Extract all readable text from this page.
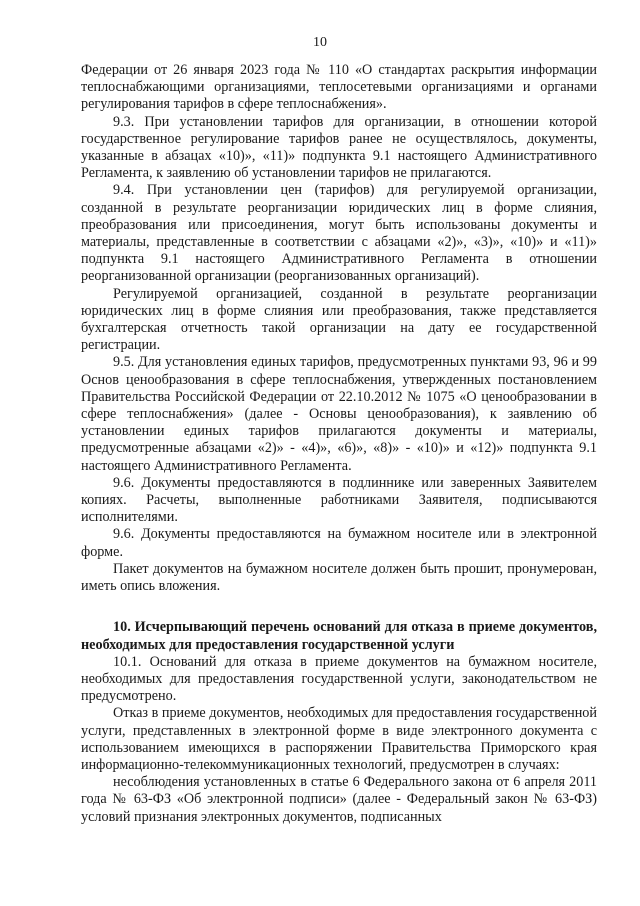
10

Федерации от 26 января 2023 года № 110 «О стандартах раскрытия информации теплоснабжающими организациями, теплосетевыми организациями и органами регулирования тарифов в сфере теплоснабжения».

9.3. При установлении тарифов для организации, в отношении которой государственное регулирование тарифов ранее не осуществлялось, документы, указанные в абзацах «10)», «11)» подпункта 9.1 настоящего Административного Регламента, к заявлению об установлении тарифов не прилагаются.

9.4. При установлении цен (тарифов) для регулируемой организации, созданной в результате реорганизации юридических лиц в форме слияния, преобразования или присоединения, могут быть использованы документы и материалы, представленные в соответствии с абзацами «2)», «3)», «10)» и «11)» подпункта 9.1 настоящего Административного Регламента в отношении реорганизованной организации (реорганизованных организаций).

Регулируемой организацией, созданной в результате реорганизации юридических лиц в форме слияния или преобразования, также представляется бухгалтерская отчетность такой организации на дату ее государственной регистрации.

9.5. Для установления единых тарифов, предусмотренных пунктами 93, 96 и 99 Основ ценообразования в сфере теплоснабжения, утвержденных постановлением Правительства Российской Федерации от 22.10.2012 № 1075 «О ценообразовании в сфере теплоснабжения» (далее - Основы ценообразования), к заявлению об установлении единых тарифов прилагаются документы и материалы, предусмотренные абзацами «2)» - «4)», «6)», «8)» - «10)» и «12)» подпункта 9.1 настоящего Административного Регламента.

9.6. Документы предоставляются в подлиннике или заверенных Заявителем копиях. Расчеты, выполненные работниками Заявителя, подписываются исполнителями.

9.6. Документы предоставляются на бумажном носителе или в электронной форме.

Пакет документов на бумажном носителе должен быть прошит, пронумерован, иметь опись вложения.

10. Исчерпывающий перечень оснований для отказа в приеме документов, необходимых для предоставления государственной услуги

10.1. Оснований для отказа в приеме документов на бумажном носителе, необходимых для предоставления государственной услуги, законодательством не предусмотрено.

Отказ в приеме документов, необходимых для предоставления государственной услуги, представленных в электронной форме в виде электронного документа с использованием имеющихся в распоряжении Правительства Приморского края информационно-телекоммуникационных технологий, предусмотрен в случаях:

несоблюдения установленных в статье 6 Федерального закона от 6 апреля 2011 года № 63-ФЗ «Об электронной подписи» (далее - Федеральный закон № 63-ФЗ) условий признания электронных документов, подписанных
